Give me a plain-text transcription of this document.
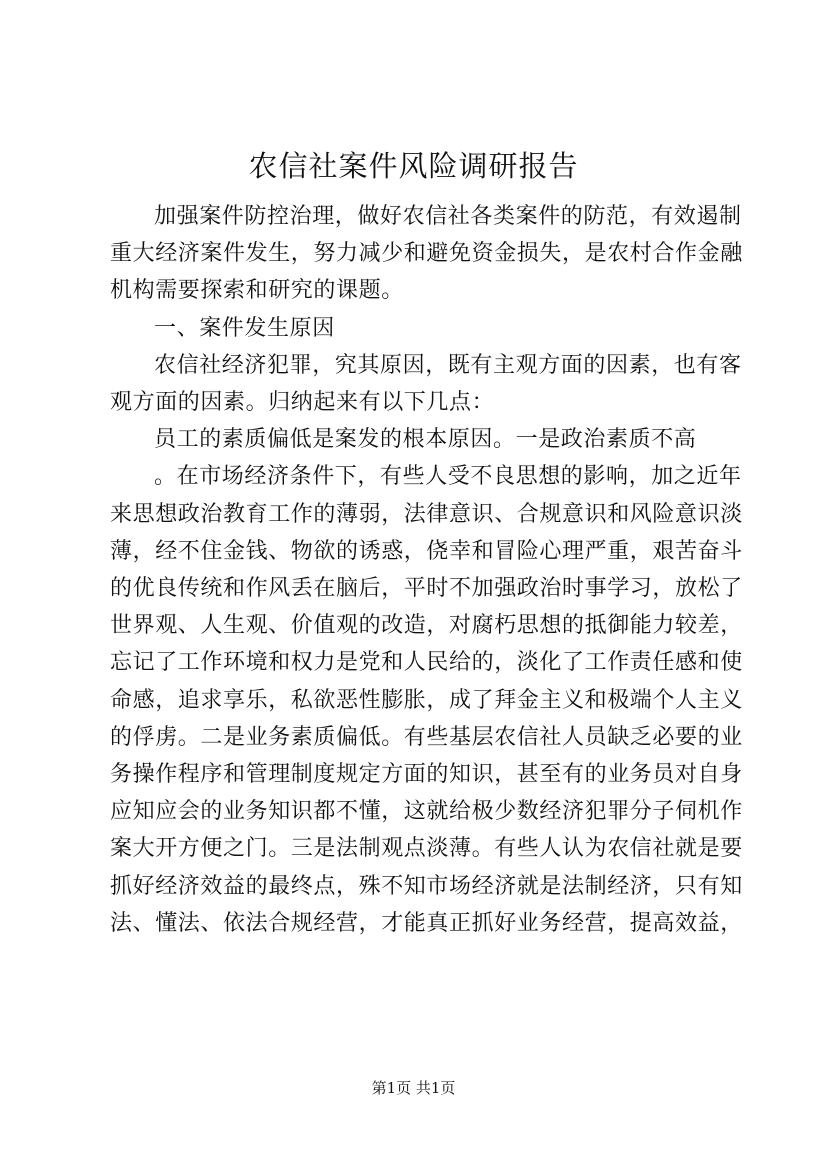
农信社案件风险调研报告
加强案件防控治理，做好农信社各类案件的防范，有效遏制
重大经济案件发生，努力减少和避免资金损失，是农村合作金融
机构需要探索和研究的课题。
一、案件发生原因
农信社经济犯罪，究其原因，既有主观方面的因素，也有客
观方面的因素。归纳起来有以下几点：
员工的素质偏低是案发的根本原因。一是政治素质不高
。在市场经济条件下，有些人受不良思想的影响，加之近年
来思想政治教育工作的薄弱，法律意识、合规意识和风险意识淡
薄，经不住金钱、物欲的诱惑，侥幸和冒险心理严重，艰苦奋斗
的优良传统和作风丢在脑后，平时不加强政治时事学习，放松了
世界观、人生观、价值观的改造，对腐朽思想的抵御能力较差，
忘记了工作环境和权力是党和人民给的，淡化了工作责任感和使
命感，追求享乐，私欲恶性膨胀，成了拜金主义和极端个人主义
的俘虏。二是业务素质偏低。有些基层农信社人员缺乏必要的业
务操作程序和管理制度规定方面的知识，甚至有的业务员对自身
应知应会的业务知识都不懂，这就给极少数经济犯罪分子伺机作
案大开方便之门。三是法制观点淡薄。有些人认为农信社就是要
抓好经济效益的最终点，殊不知市场经济就是法制经济，只有知
法、懂法、依法合规经营，才能真正抓好业务经营，提高效益，
第1页 共1页
